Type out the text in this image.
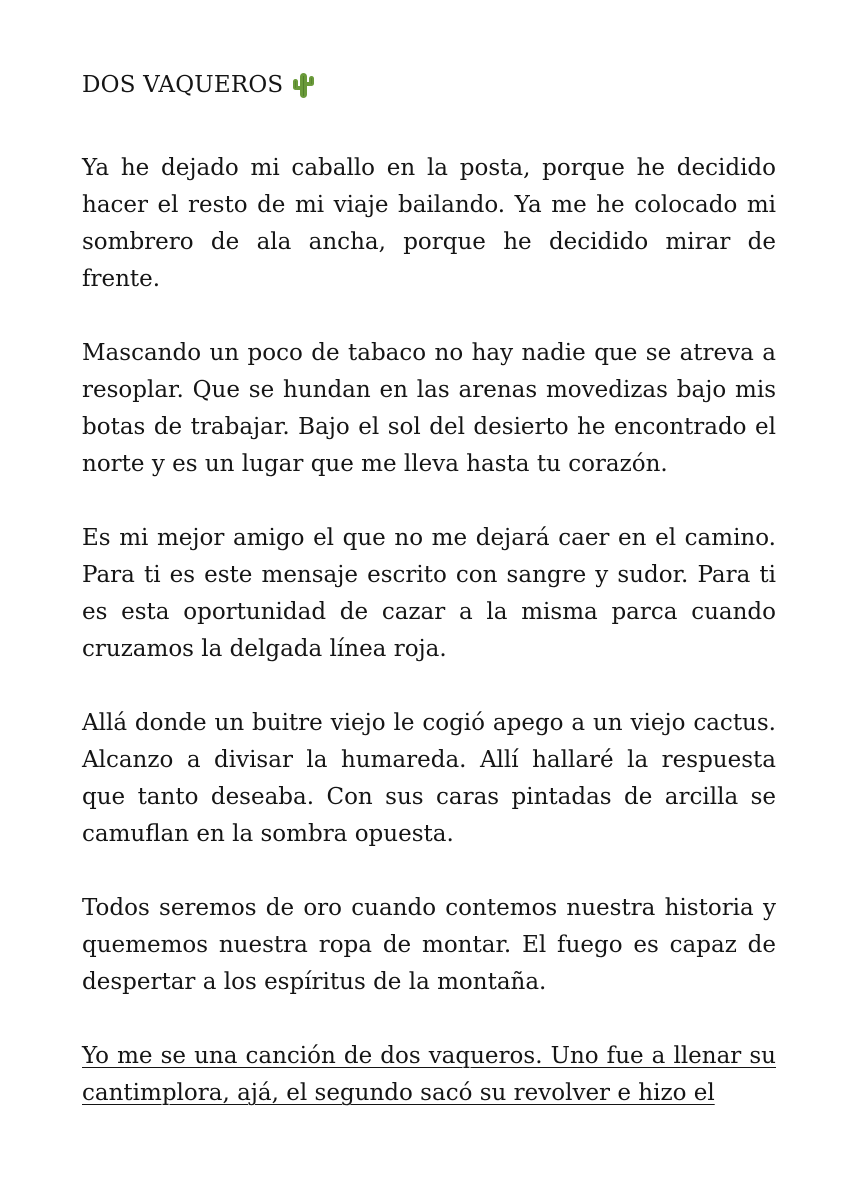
DOS VAQUEROS

Ya he dejado mi caballo en la posta, porque he decidido hacer el resto de mi viaje bailando. Ya me he colocado mi sombrero de ala ancha, porque he decidido mirar de frente.

Mascando un poco de tabaco no hay nadie que se atreva a resoplar. Que se hundan en las arenas movedizas bajo mis botas de trabajar. Bajo el sol del desierto he encontrado el norte y es un lugar que me lleva hasta tu corazón.

Es mi mejor amigo el que no me dejará caer en el camino. Para ti es este mensaje escrito con sangre y sudor. Para ti es esta oportunidad de cazar a la misma parca cuando cruzamos la delgada línea roja.

Allá donde un buitre viejo le cogió apego a un viejo cactus. Alcanzo a divisar la humareda. Allí hallaré la respuesta que tanto deseaba. Con sus caras pintadas de arcilla se camuflan en la sombra opuesta.

Todos seremos de oro cuando contemos nuestra historia y quememos nuestra ropa de montar. El fuego es capaz de despertar a los espíritus de la montaña.

Yo me se una canción de dos vaqueros. Uno fue a llenar su cantimplora, ajá, el segundo sacó su revolver e hizo el
